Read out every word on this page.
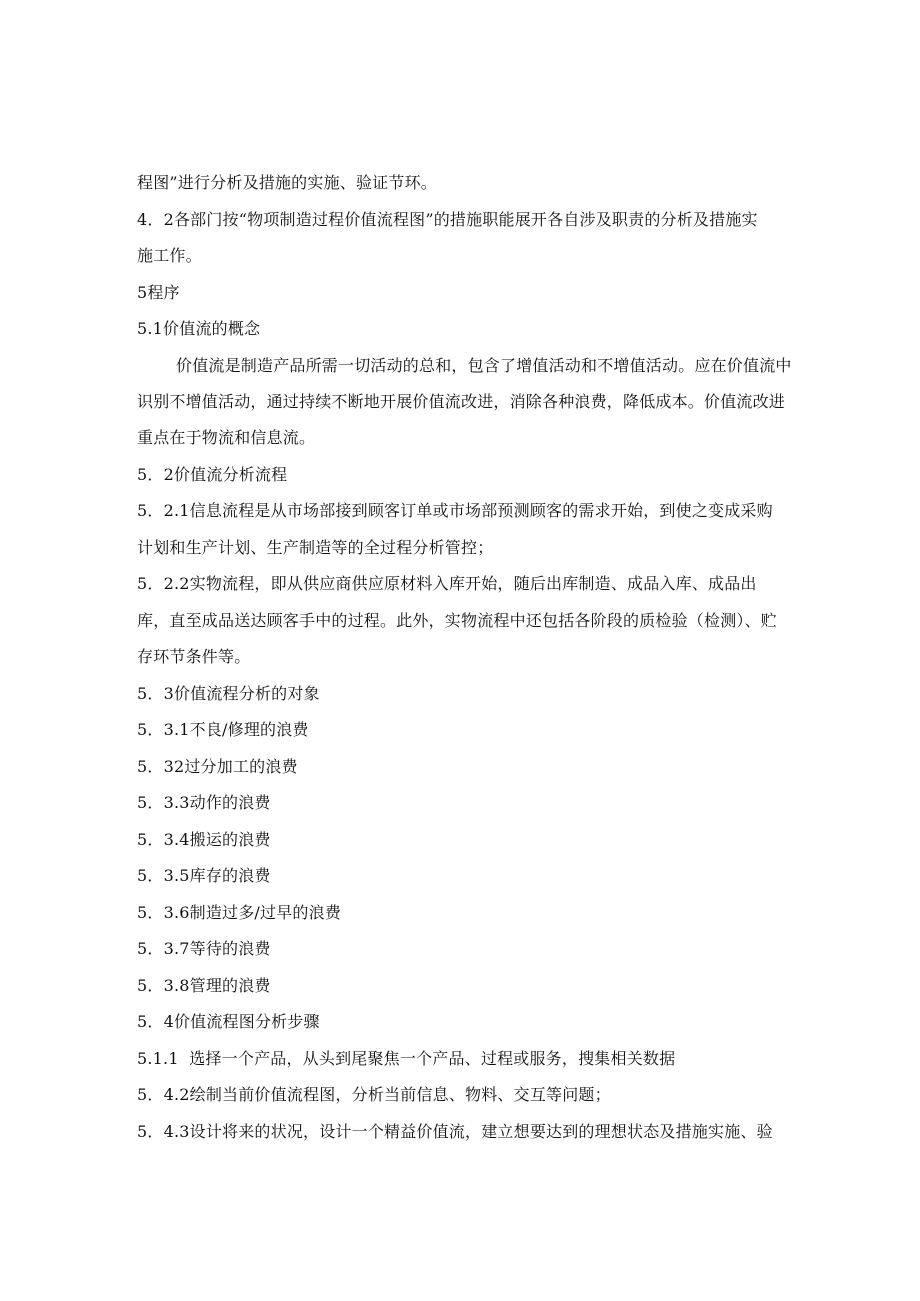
程图”进行分析及措施的实施、验证节环。
4．2各部门按“物项制造过程价值流程图”的措施职能展开各自涉及职责的分析及措施实
施工作。
5程序
5.1价值流的概念
价值流是制造产品所需一切活动的总和，包含了增值活动和不增值活动。应在价值流中
识别不增值活动，通过持续不断地开展价值流改进，消除各种浪费，降低成本。价值流改进
重点在于物流和信息流。
5．2价值流分析流程
5．2.1信息流程是从市场部接到顾客订单或市场部预测顾客的需求开始，到使之变成采购
计划和生产计划、生产制造等的全过程分析管控；
5．2.2实物流程，即从供应商供应原材料入库开始，随后出库制造、成品入库、成品出
库，直至成品送达顾客手中的过程。此外，实物流程中还包括各阶段的质检验（检测）、贮
存环节条件等。
5．3价值流程分析的对象
5．3.1不良/修理的浪费
5．32过分加工的浪费
5．3.3动作的浪费
5．3.4搬运的浪费
5．3.5库存的浪费
5．3.6制造过多/过早的浪费
5．3.7等待的浪费
5．3.8管理的浪费
5．4价值流程图分析步骤
5.1.1  选择一个产品，从头到尾聚焦一个产品、过程或服务，搜集相关数据
5．4.2绘制当前价值流程图，分析当前信息、物料、交互等问题；
5．4.3设计将来的状况，设计一个精益价值流，建立想要达到的理想状态及措施实施、验
